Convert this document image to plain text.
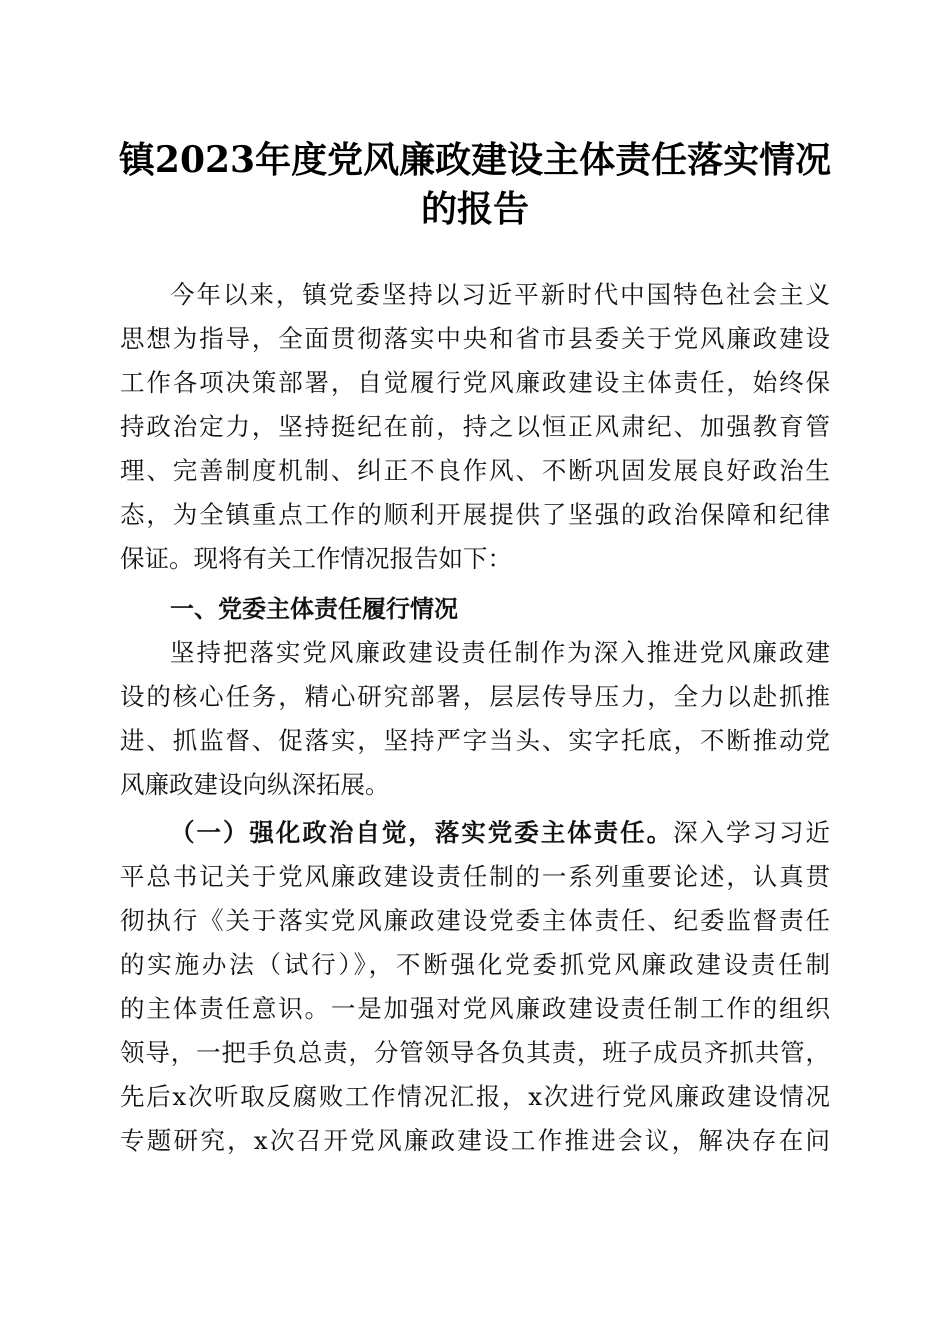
镇2023年度党风廉政建设主体责任落实情况
的报告
今年以来，镇党委坚持以习近平新时代中国特色社会主义
思想为指导，全面贯彻落实中央和省市县委关于党风廉政建设
工作各项决策部署，自觉履行党风廉政建设主体责任，始终保
持政治定力，坚持挺纪在前，持之以恒正风肃纪、加强教育管
理、完善制度机制、纠正不良作风、不断巩固发展良好政治生
态，为全镇重点工作的顺利开展提供了坚强的政治保障和纪律
保证。现将有关工作情况报告如下：
一、党委主体责任履行情况
坚持把落实党风廉政建设责任制作为深入推进党风廉政建
设的核心任务，精心研究部署，层层传导压力，全力以赴抓推
进、抓监督、促落实，坚持严字当头、实字托底，不断推动党
风廉政建设向纵深拓展。
（一）强化政治自觉，落实党委主体责任。深入学习习近
平总书记关于党风廉政建设责任制的一系列重要论述，认真贯
彻执行《关于落实党风廉政建设党委主体责任、纪委监督责任
的实施办法（试行）》，不断强化党委抓党风廉政建设责任制
的主体责任意识。一是加强对党风廉政建设责任制工作的组织
领导，一把手负总责，分管领导各负其责，班子成员齐抓共管，
先后x次听取反腐败工作情况汇报，x次进行党风廉政建设情况
专题研究，x次召开党风廉政建设工作推进会议，解决存在问
